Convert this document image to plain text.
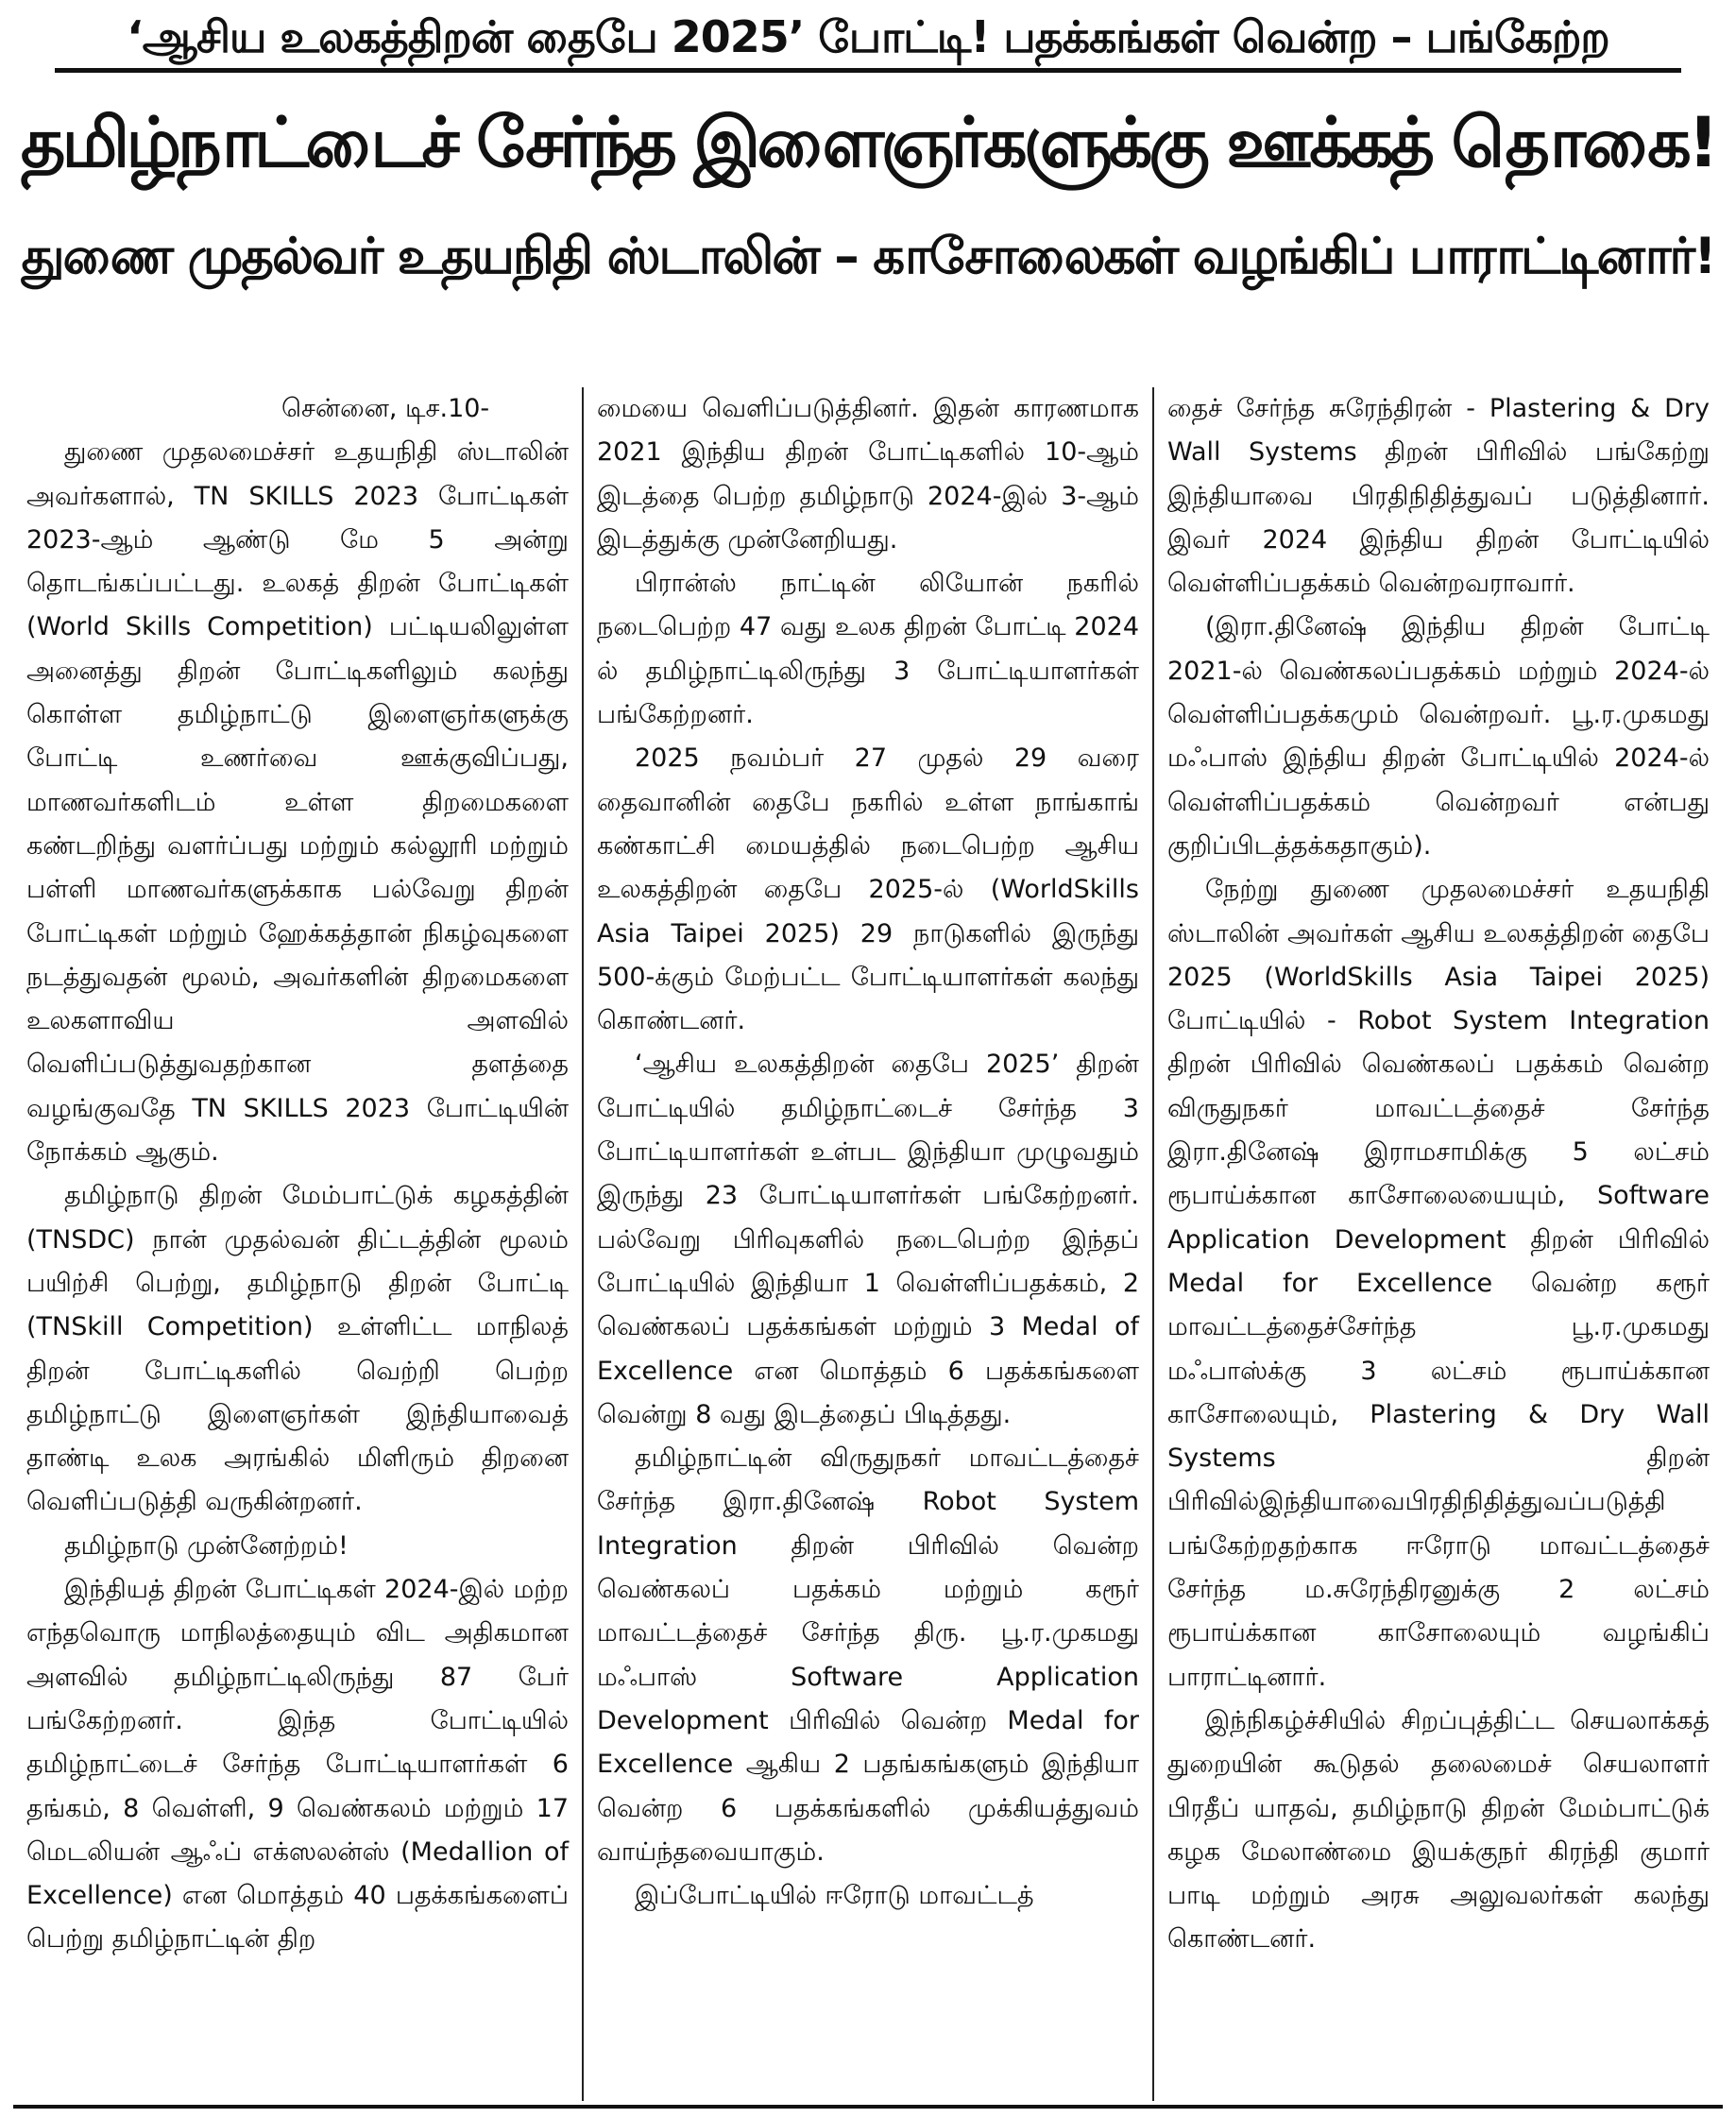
‘ஆசிய உலகத்திறன் தைபே 2025’ போட்டி! பதக்கங்கள் வென்ற – பங்கேற்ற
தமிழ்நாட்டைச் சேர்ந்த இளைஞர்களுக்கு ஊக்கத் தொகை!
துணை முதல்வர் உதயநிதி ஸ்டாலின் – காசோலைகள் வழங்கிப் பாராட்டினார்!

சென்னை, டிச.10-

துணை முதலமைச்சர் உதயநிதி ஸ்டாலின் அவர்களால், TN SKILLS 2023 போட்டிகள் 2023-ஆம் ஆண்டு மே 5 அன்று தொடங்கப்பட்டது. உலகத் திறன் போட்டிகள் (World Skills Competition) பட்டியலிலுள்ள அனைத்து திறன் போட்டிகளிலும் கலந்து கொள்ள தமிழ்நாட்டு இளைஞர்களுக்கு போட்டி உணர்வை ஊக்குவிப்பது, மாணவர்களிடம் உள்ள திறமைகளை கண்டறிந்து வளர்ப்பது மற்றும் கல்லூரி மற்றும் பள்ளி மாணவர்களுக்காக பல்வேறு திறன் போட்டிகள் மற்றும் ஹேக்கத்தான் நிகழ்வுகளை நடத்துவதன் மூலம், அவர்களின் திறமைகளை உலகளாவிய அளவில் வெளிப்படுத்துவதற்கான தளத்தை வழங்குவதே TN SKILLS 2023 போட்டியின் நோக்கம் ஆகும்.

தமிழ்நாடு திறன் மேம்பாட்டுக் கழகத்தின் (TNSDC) நான் முதல்வன் திட்டத்தின் மூலம் பயிற்சி பெற்று, தமிழ்நாடு திறன் போட்டி (TNSkill Competition) உள்ளிட்ட மாநிலத் திறன் போட்டிகளில் வெற்றி பெற்ற தமிழ்நாட்டு இளைஞர்கள் இந்தியாவைத் தாண்டி உலக அரங்கில் மிளிரும் திறனை வெளிப்படுத்தி வருகின்றனர்.

தமிழ்நாடு முன்னேற்றம்!

இந்தியத் திறன் போட்டிகள் 2024-இல் மற்ற எந்தவொரு மாநிலத்தையும் விட அதிகமான அளவில் தமிழ்நாட்டிலிருந்து 87 பேர் பங்கேற்றனர். இந்த போட்டியில் தமிழ்நாட்டைச் சேர்ந்த போட்டியாளர்கள் 6 தங்கம், 8 வெள்ளி, 9 வெண்கலம் மற்றும் 17 மெடலியன் ஆஃப் எக்ஸலன்ஸ் (Medallion of Excellence) என மொத்தம் 40 பதக்கங்களைப் பெற்று தமிழ்நாட்டின் திற

மையை வெளிப்படுத்தினர். இதன் காரணமாக 2021 இந்திய திறன் போட்டிகளில் 10-ஆம் இடத்தை பெற்ற தமிழ்நாடு 2024-இல் 3-ஆம் இடத்துக்கு முன்னேறியது.

பிரான்ஸ் நாட்டின் லியோன் நகரில் நடைபெற்ற 47 வது உலக திறன் போட்டி 2024 ல் தமிழ்நாட்டிலிருந்து 3 போட்டியாளர்கள் பங்கேற்றனர்.

2025 நவம்பர் 27 முதல் 29 வரை தைவானின் தைபே நகரில் உள்ள நாங்காங் கண்காட்சி மையத்தில் நடைபெற்ற ஆசிய உலகத்திறன் தைபே 2025-ல் (WorldSkills Asia Taipei 2025) 29 நாடுகளில் இருந்து 500-க்கும் மேற்பட்ட போட்டியாளர்கள் கலந்து கொண்டனர்.

‘ஆசிய உலகத்திறன் தைபே 2025’ திறன் போட்டியில் தமிழ்நாட்டைச் சேர்ந்த 3 போட்டியாளர்கள் உள்பட இந்தியா முழுவதும் இருந்து 23 போட்டியாளர்கள் பங்கேற்றனர். பல்வேறு பிரிவுகளில் நடைபெற்ற இந்தப் போட்டியில் இந்தியா 1 வெள்ளிப்பதக்கம், 2 வெண்கலப் பதக்கங்கள் மற்றும் 3 Medal of Excellence என மொத்தம் 6 பதக்கங்களை வென்று 8 வது இடத்தைப் பிடித்தது.

தமிழ்நாட்டின் விருதுநகர் மாவட்டத்தைச் சேர்ந்த இரா.தினேஷ் Robot System Integration திறன் பிரிவில் வென்ற வெண்கலப் பதக்கம் மற்றும் கரூர் மாவட்டத்தைச் சேர்ந்த திரு. பூ.ர.முகமது மஃபாஸ் Software Application Development பிரிவில் வென்ற Medal for Excellence ஆகிய 2 பதங்கங்களும் இந்தியா வென்ற 6 பதக்கங்களில் முக்கியத்துவம் வாய்ந்தவையாகும்.

இப்போட்டியில் ஈரோடு மாவட்டத்

தைச் சேர்ந்த சுரேந்திரன் - Plastering & Dry Wall Systems திறன் பிரிவில் பங்கேற்று இந்தியாவை பிரதிநிதித்துவப் படுத்தினார். இவர் 2024 இந்திய திறன் போட்டியில் வெள்ளிப்பதக்கம் வென்றவராவார்.

(இரா.தினேஷ் இந்திய திறன் போட்டி 2021-ல் வெண்கலப்பதக்கம் மற்றும் 2024-ல் வெள்ளிப்பதக்கமும் வென்றவர். பூ.ர.முகமது மஃபாஸ் இந்திய திறன் போட்டியில் 2024-ல் வெள்ளிப்பதக்கம் வென்றவர் என்பது குறிப்பிடத்தக்கதாகும்).

நேற்று துணை முதலமைச்சர் உதயநிதி ஸ்டாலின் அவர்கள் ஆசிய உலகத்திறன் தைபே 2025 (WorldSkills Asia Taipei 2025) போட்டியில் - Robot System Integration திறன் பிரிவில் வெண்கலப் பதக்கம் வென்ற விருதுநகர் மாவட்டத்தைச் சேர்ந்த இரா.தினேஷ் இராமசாமிக்கு 5 லட்சம் ரூபாய்க்கான காசோலையையும், Software Application Development திறன் பிரிவில் Medal for Excellence வென்ற கரூர் மாவட்டத்தைச்சேர்ந்த பூ.ர.முகமது மஃபாஸ்க்கு 3 லட்சம் ரூபாய்க்கான காசோலையும், Plastering & Dry Wall Systems திறன் பிரிவில்இந்தியாவைபிரதிநிதித்துவப்படுத்தி பங்கேற்றதற்காக ஈரோடு மாவட்டத்தைச் சேர்ந்த ம.சுரேந்திரனுக்கு 2 லட்சம் ரூபாய்க்கான காசோலையும் வழங்கிப் பாராட்டினார்.

இந்நிகழ்ச்சியில் சிறப்புத்திட்ட செயலாக்கத் துறையின் கூடுதல் தலைமைச் செயலாளர் பிரதீப் யாதவ், தமிழ்நாடு திறன் மேம்பாட்டுக் கழக மேலாண்மை இயக்குநர் கிரந்தி குமார் பாடி மற்றும் அரசு அலுவலர்கள் கலந்து கொண்டனர்.
